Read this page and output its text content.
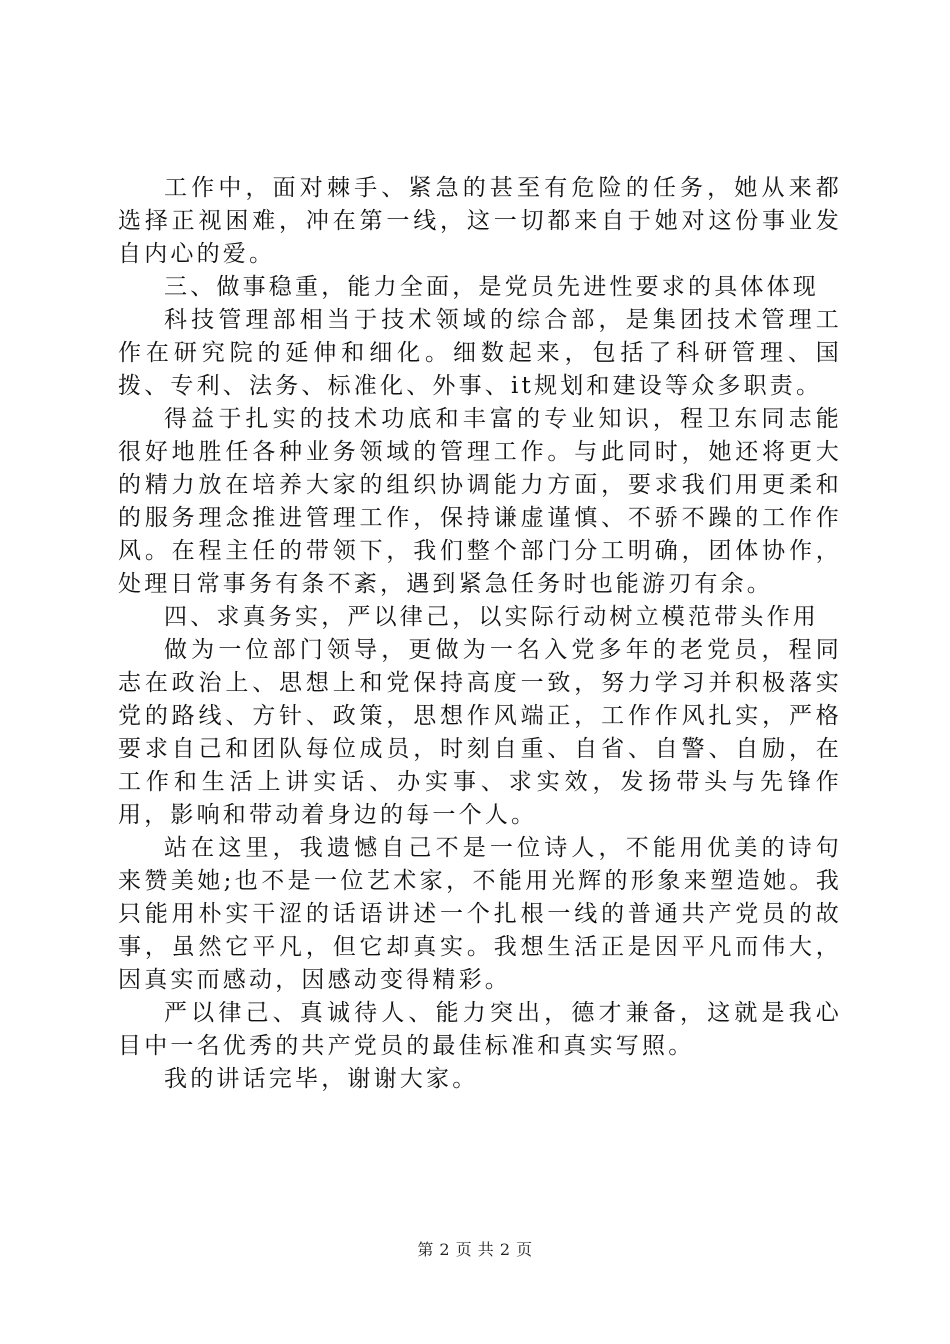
工作中，面对棘手、紧急的甚至有危险的任务，她从来都选择正视困难，冲在第一线，这一切都来自于她对这份事业发自内心的爱。

三、做事稳重，能力全面，是党员先进性要求的具体体现

科技管理部相当于技术领域的综合部，是集团技术管理工作在研究院的延伸和细化。细数起来，包括了科研管理、国拨、专利、法务、标准化、外事、it规划和建设等众多职责。

得益于扎实的技术功底和丰富的专业知识，程卫东同志能很好地胜任各种业务领域的管理工作。与此同时，她还将更大的精力放在培养大家的组织协调能力方面，要求我们用更柔和的服务理念推进管理工作，保持谦虚谨慎、不骄不躁的工作作风。在程主任的带领下，我们整个部门分工明确，团体协作，处理日常事务有条不紊，遇到紧急任务时也能游刃有余。

四、求真务实，严以律己，以实际行动树立模范带头作用

做为一位部门领导，更做为一名入党多年的老党员，程同志在政治上、思想上和党保持高度一致，努力学习并积极落实党的路线、方针、政策，思想作风端正，工作作风扎实，严格要求自己和团队每位成员，时刻自重、自省、自警、自励，在工作和生活上讲实话、办实事、求实效，发扬带头与先锋作用，影响和带动着身边的每一个人。

站在这里，我遗憾自己不是一位诗人，不能用优美的诗句来赞美她;也不是一位艺术家，不能用光辉的形象来塑造她。我只能用朴实干涩的话语讲述一个扎根一线的普通共产党员的故事，虽然它平凡，但它却真实。我想生活正是因平凡而伟大，因真实而感动，因感动变得精彩。

严以律己、真诚待人、能力突出，德才兼备，这就是我心目中一名优秀的共产党员的最佳标准和真实写照。

我的讲话完毕，谢谢大家。

第 2 页 共 2 页
